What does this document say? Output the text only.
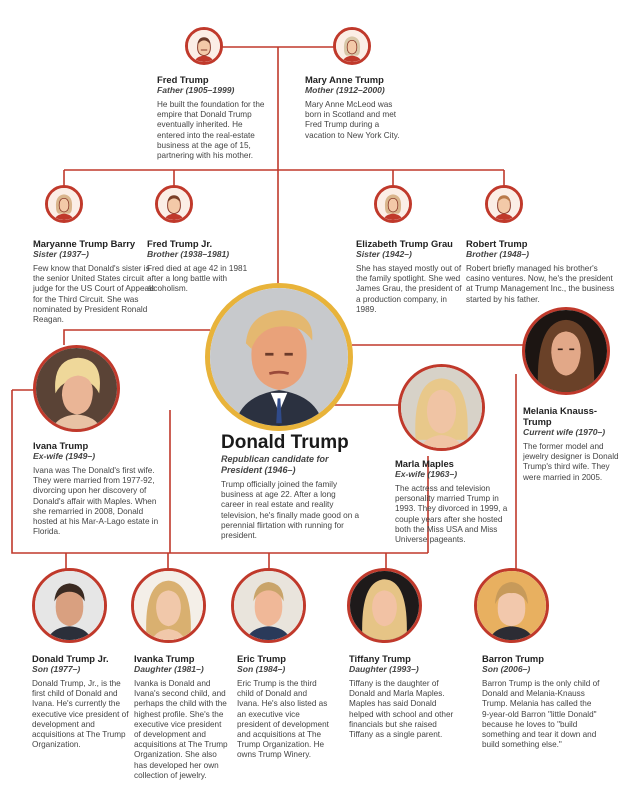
Fred Trump
Father (1905–1999)
He built the foundation for the empire that Donald Trump eventually inherited. He entered into the real-estate business at the age of 15, partnering with his mother.
Mary Anne Trump
Mother (1912–2000)
Mary Anne McLeod was born in Scotland and met Fred Trump during a vacation to New York City.
Maryanne Trump Barry
Sister (1937–)
Few know that Donald's sister is the senior United States circuit judge for the US Court of Appeals for the Third Circuit. She was nominated by President Ronald Reagan.
Fred Trump Jr.
Brother (1938–1981)
Fred died at age 42 in 1981 after a long battle with alcoholism.
Elizabeth Trump Grau
Sister (1942–)
She has stayed mostly out of the family spotlight. She wed James Grau, the president of a production company, in 1989.
Robert Trump
Brother (1948–)
Robert briefly managed his brother's casino ventures. Now, he's the president at Trump Management Inc., the business started by his father.
Donald Trump
Republican candidate for President (1946–)
Trump officially joined the family business at age 22. After a long career in real estate and reality television, he's finally made good on a perennial flirtation with running for president.
Ivana Trump
Ex-wife (1949–)
Ivana was The Donald's first wife. They were married from 1977-92, divorcing upon her discovery of Donald's affair with Maples. When she remarried in 2008, Donald hosted at his Mar-A-Lago estate in Florida.
Marla Maples
Ex-wife (1963–)
The actress and television personality married Trump in 1993. They divorced in 1999, a couple years after she hosted both the Miss USA and Miss Universe pageants.
Melania Knauss-Trump
Current wife (1970–)
The former model and jewelry designer is Donald Trump's third wife. They were married in 2005.
Donald Trump Jr.
Son (1977–)
Donald Trump, Jr., is the first child of Donald and Ivana. He's currently the executive vice president of development and acquisitions at The Trump Organization.
Ivanka Trump
Daughter (1981–)
Ivanka is Donald and Ivana's second child, and perhaps the child with the highest profile. She's the executive vice president of development and acquisitions at The Trump Organization. She also has developed her own collection of jewelry.
Eric Trump
Son (1984–)
Eric Trump is the third child of Donald and Ivana. He's also listed as an executive vice president of development and acquisitions at The Trump Organization. He owns Trump Winery.
Tiffany Trump
Daughter (1993–)
Tiffany is the daughter of Donald and Marla Maples. Maples has said Donald helped with school and other financials but she raised Tiffany as a single parent.
Barron Trump
Son (2006–)
Barron Trump is the only child of Donald and Melania-Knauss Trump. Melania has called the 9-year-old Barron "little Donald" because he loves to "build something and tear it down and build something else."
